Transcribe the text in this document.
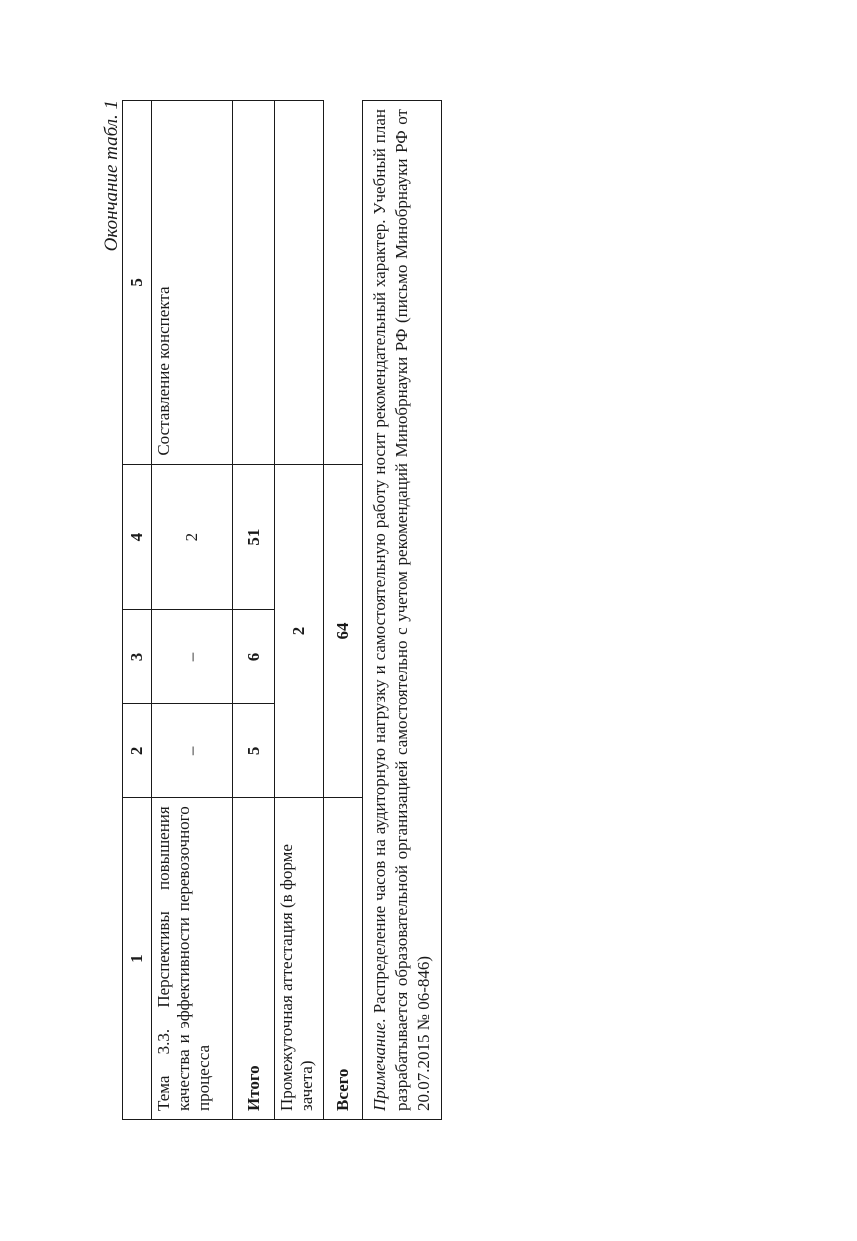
Окончание табл. 1
1	2	3	4	5
Тема 3.3. Перспективы повышения качества и эффективности перевозочного процесса	–	–	2	Составление конспекта
Итого	5	6	51	
Промежуточная аттестация (в форме зачета)	2			
Всего	64			
Примечание. Распределение часов на аудиторную нагрузку и самостоятельную работу носит рекомендательный характер. Учебный план разрабатывается образовательной организацией самостоятельно с учетом рекомендаций Минобрнауки РФ (письмо Минобрнауки РФ от 20.07.2015 № 06-846)				
